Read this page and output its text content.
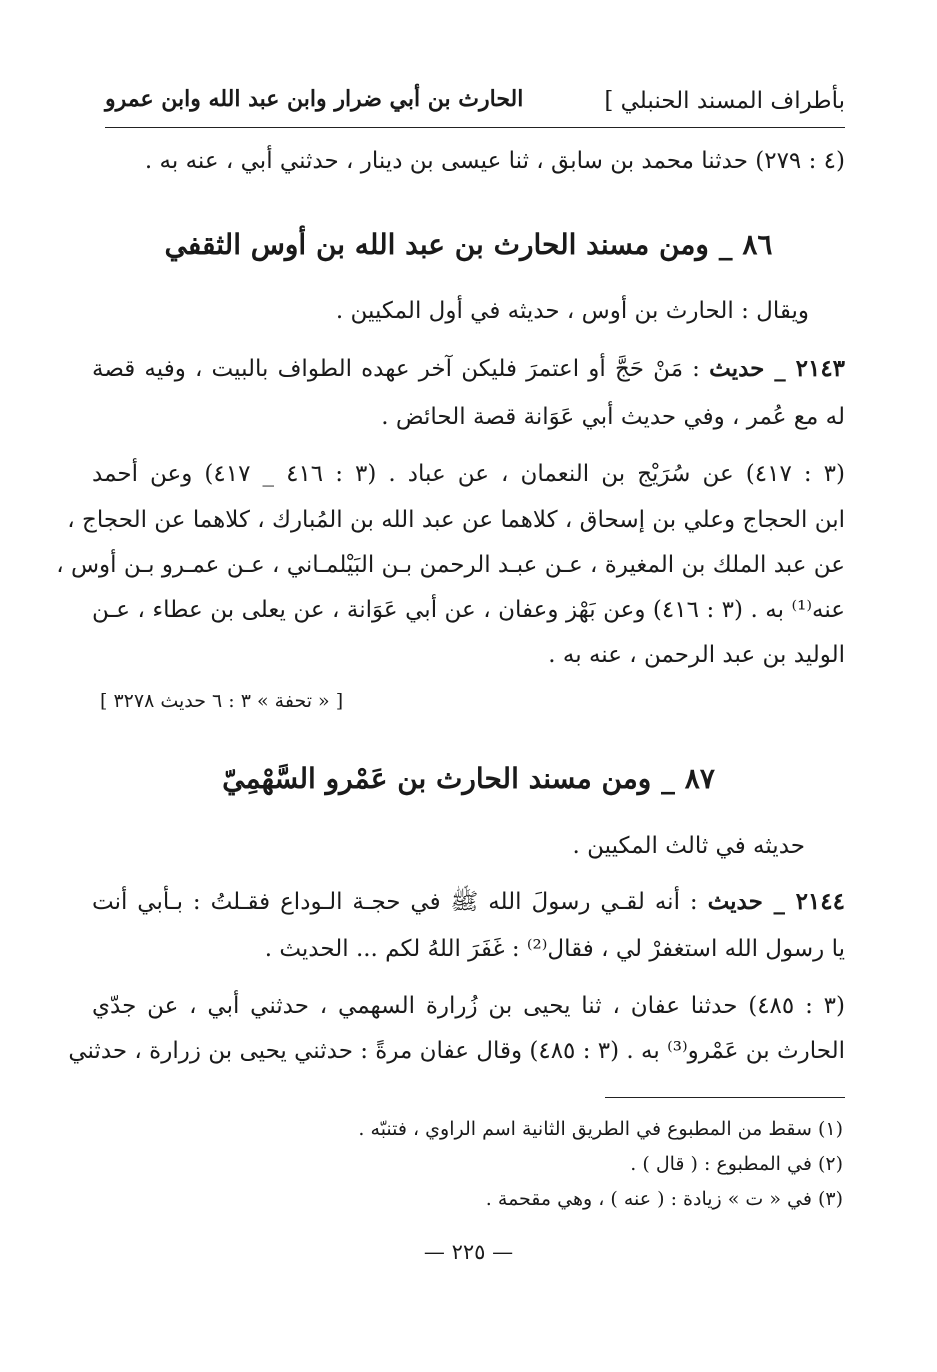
بأطراف المسند الحنبلي ]
الحارث بن أبي ضرار وابن عبد الله وابن عمرو
(٤ : ٢٧٩) حدثنا محمد بن سابق ، ثنا عيسى بن دينار ، حدثني أبي ، عنه به .
٨٦ _ ومن مسند الحارث بن عبد الله بن أوس الثقفي
ويقال : الحارث بن أوس ، حديثه في أول المكيين .
٢١٤٣ _ حديث : مَنْ حَجَّ أو اعتمرَ فليكن آخر عهده الطواف بالبيت ، وفيه قصة
له مع عُمر ، وفي حديث أبي عَوَانة قصة الحائض .
(٣ : ٤١٧) عن سُرَيْج بن النعمان ، عن عباد . (٣ : ٤١٦ _ ٤١٧) وعن أحمد
ابن الحجاج وعلي بن إسحاق ، كلاهما عن عبد الله بن المُبارك ، كلاهما عن الحجاج ،
عن عبد الملك بن المغيرة ، عـن عبـد الرحمن بـن البَيْلمـاني ، عـن عمـرو بـن أوس ،
عنه⁽¹⁾ به . (٣ : ٤١٦) وعن بَهْز وعفان ، عن أبي عَوَانة ، عن يعلى بن عطاء ، عـن
الوليد بن عبد الرحمن ، عنه به .
[ « تحفة » ٣ : ٦ حديث ٣٢٧٨ ]
٨٧ _ ومن مسند الحارث بن عَمْرو السَّهْمِيّ
حديثه في ثالث المكيين .
٢١٤٤ _ حديث : أنه لقـي رسولَ الله ﷺ في حجـة الـوداع فقـلتُ : بـأبي أنت
يا رسول الله استغفرْ لي ، فقال⁽²⁾ : غَفَرَ اللهُ لكم ... الحديث .
(٣ : ٤٨٥) حدثنا عفان ، ثنا يحيى بن زُرارة السهمي ، حدثني أبي ، عن جدّي
الحارث بن عَمْرو⁽³⁾ به . (٣ : ٤٨٥) وقال عفان مرةً : حدثني يحيى بن زرارة ، حدثني
(١) سقط من المطبوع في الطريق الثانية اسم الراوي ، فتنبّه .
(٢) في المطبوع : ( قال ) .
(٣) في « ت » زيادة : ( عنه ) ، وهي مقحمة .
— ٢٢٥ —
